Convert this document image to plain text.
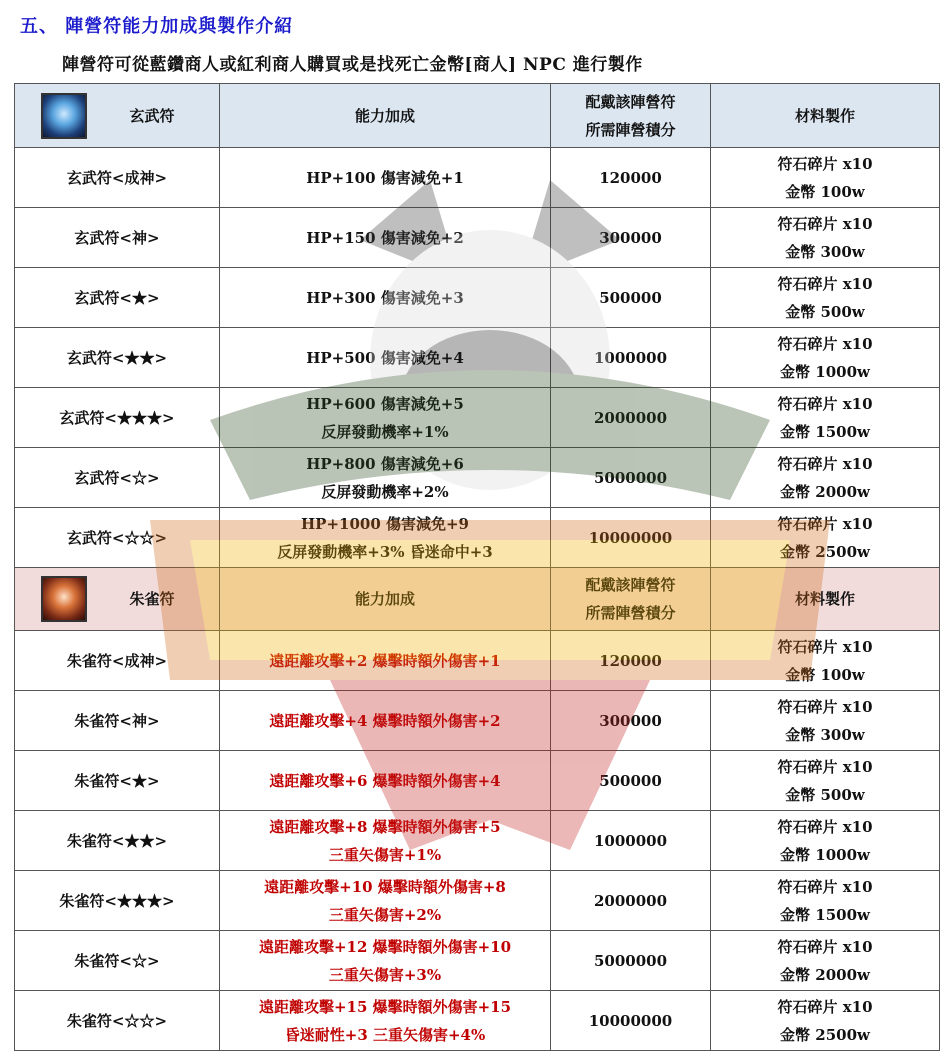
五、 陣營符能力加成與製作介紹
陣營符可從藍鑽商人或紅利商人購買或是找死亡金幣[商人] NPC 進行製作
玄武符	能力加成	配戴該陣營符
所需陣營積分	材料製作
玄武符<成神>	HP+100 傷害減免+1	120000	符石碎片 x10
金幣 100w

玄武符<神>	HP+150 傷害減免+2	300000	符石碎片 x10
金幣 300w

玄武符<★>	HP+300 傷害減免+3	500000	符石碎片 x10
金幣 500w

玄武符<★★>	HP+500 傷害減免+4	1000000	符石碎片 x10
金幣 1000w

玄武符<★★★>	HP+600 傷害減免+5
反屏發動機率+1%	2000000	符石碎片 x10
金幣 1500w

玄武符<☆>	HP+800 傷害減免+6
反屏發動機率+2%	5000000	符石碎片 x10
金幣 2000w

玄武符<☆☆>	HP+1000 傷害減免+9
反屏發動機率+3% 昏迷命中+3	10000000	符石碎片 x10
金幣 2500w

朱雀符	能力加成	配戴該陣營符
所需陣營積分	材料製作
朱雀符<成神>	遠距離攻擊+2 爆擊時額外傷害+1	120000	符石碎片 x10
金幣 100w

朱雀符<神>	遠距離攻擊+4 爆擊時額外傷害+2	300000	符石碎片 x10
金幣 300w

朱雀符<★>	遠距離攻擊+6 爆擊時額外傷害+4	500000	符石碎片 x10
金幣 500w

朱雀符<★★>	遠距離攻擊+8 爆擊時額外傷害+5
三重矢傷害+1%	1000000	符石碎片 x10
金幣 1000w

朱雀符<★★★>	遠距離攻擊+10 爆擊時額外傷害+8
三重矢傷害+2%	2000000	符石碎片 x10
金幣 1500w

朱雀符<☆>	遠距離攻擊+12 爆擊時額外傷害+10
三重矢傷害+3%	5000000	符石碎片 x10
金幣 2000w

朱雀符<☆☆>	遠距離攻擊+15 爆擊時額外傷害+15
昏迷耐性+3 三重矢傷害+4%	10000000	符石碎片 x10
金幣 2500w
